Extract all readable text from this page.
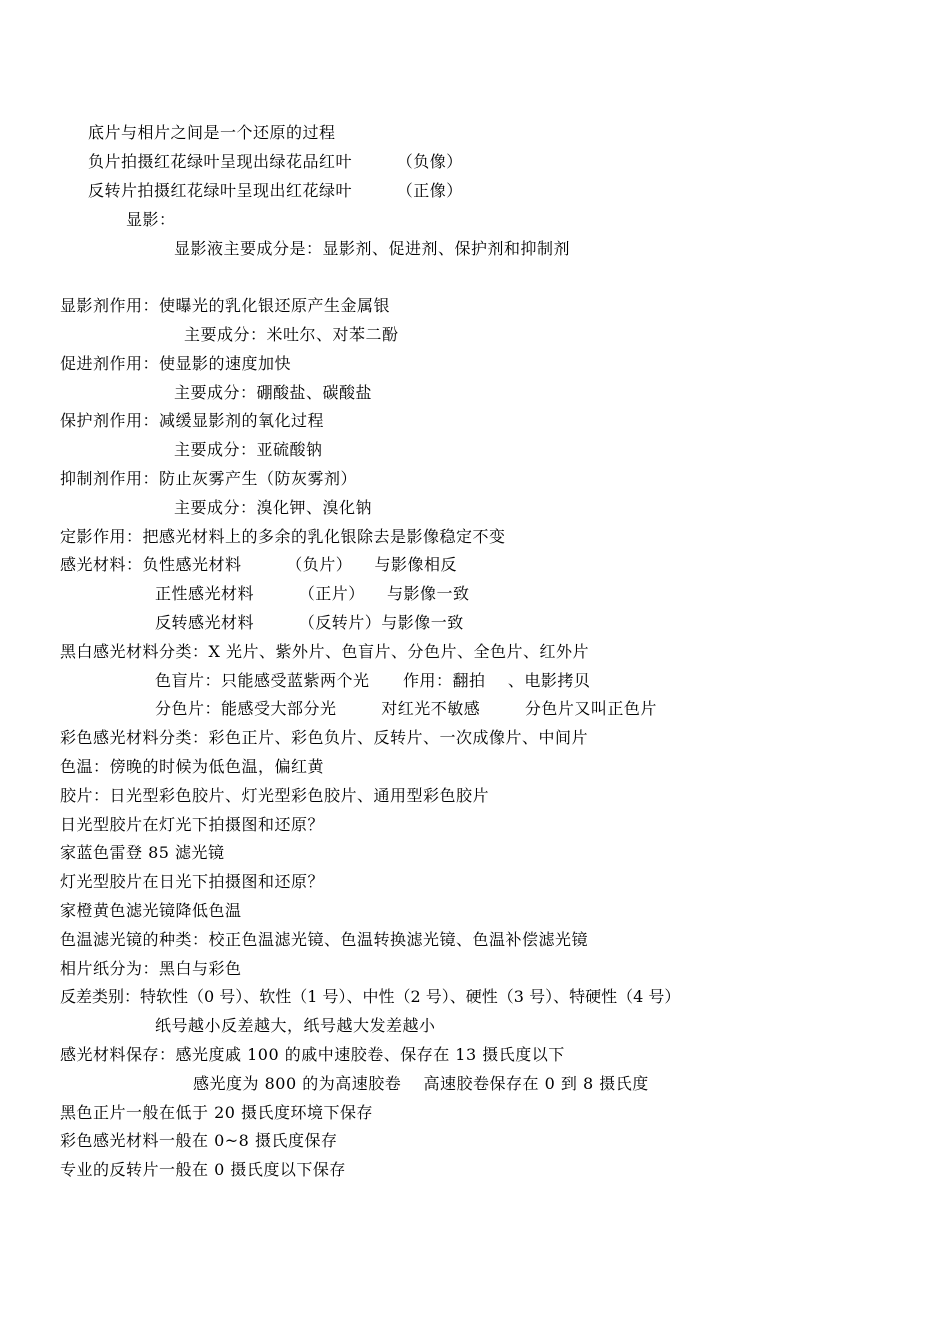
底片与相片之间是一个还原的过程
负片拍摄红花绿叶呈现出绿花品红叶        （负像）
反转片拍摄红花绿叶呈现出红花绿叶        （正像）
显影：
显影液主要成分是：显影剂、促进剂、保护剂和抑制剂
显影剂作用：使曝光的乳化银还原产生金属银
主要成分：米吐尔、对苯二酚
促进剂作用：使显影的速度加快
主要成分：硼酸盐、碳酸盐
保护剂作用：减缓显影剂的氧化过程
主要成分：亚硫酸钠
抑制剂作用：防止灰雾产生（防灰雾剂）
主要成分：溴化钾、溴化钠
定影作用：把感光材料上的多余的乳化银除去是影像稳定不变
感光材料：负性感光材料        （负片）    与影像相反
正性感光材料        （正片）    与影像一致
反转感光材料        （反转片）与影像一致
黑白感光材料分类：X 光片、紫外片、色盲片、分色片、全色片、红外片
色盲片：只能感受蓝紫两个光      作用：翻拍    、电影拷贝
分色片：能感受大部分光        对红光不敏感        分色片又叫正色片
彩色感光材料分类：彩色正片、彩色负片、反转片、一次成像片、中间片
色温：傍晚的时候为低色温，偏红黄
胶片：日光型彩色胶片、灯光型彩色胶片、通用型彩色胶片
日光型胶片在灯光下拍摄图和还原？
家蓝色雷登 85 滤光镜
灯光型胶片在日光下拍摄图和还原？
家橙黄色滤光镜降低色温
色温滤光镜的种类：校正色温滤光镜、色温转换滤光镜、色温补偿滤光镜
相片纸分为：黑白与彩色
反差类别：特软性（0 号）、软性（1 号）、中性（2 号）、硬性（3 号）、特硬性（4 号）
纸号越小反差越大，纸号越大发差越小
感光材料保存：感光度戚 100 的戚中速胶卷、保存在 13 摄氏度以下
感光度为 800 的为高速胶卷    高速胶卷保存在 0 到 8 摄氏度
黑色正片一般在低于 20 摄氏度环境下保存
彩色感光材料一般在 0~8 摄氏度保存
专业的反转片一般在 0 摄氏度以下保存
